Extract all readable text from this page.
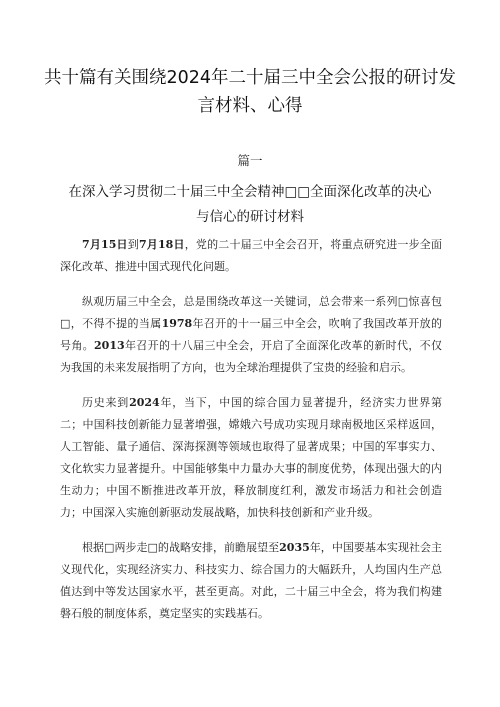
共十篇有关围绕2024年二十届三中全会公报的研讨发言材料、心得
篇一
在深入学习贯彻二十届三中全会精神□□全面深化改革的决心
与信心的研讨材料

7月15日到7月18日，党的二十届三中全会召开，将重点研究进一步全面深化改革、推进中国式现代化问题。

纵观历届三中全会，总是围绕改革这一关键词，总会带来一系列□惊喜包□，不得不提的当属1978年召开的十一届三中全会，吹响了我国改革开放的号角。2013年召开的十八届三中全会，开启了全面深化改革的新时代，不仅为我国的未来发展指明了方向，也为全球治理提供了宝贵的经验和启示。

历史来到2024年，当下，中国的综合国力显著提升，经济实力世界第二；中国科技创新能力显著增强，嫦娥六号成功实现月球南极地区采样返回，人工智能、量子通信、深海探测等领域也取得了显著成果；中国的军事实力、文化软实力显著提升。中国能够集中力量办大事的制度优势，体现出强大的内生动力；中国不断推进改革开放，释放制度红利，激发市场活力和社会创造力；中国深入实施创新驱动发展战略，加快科技创新和产业升级。

根据□两步走□的战略安排，前瞻展望至2035年，中国要基本实现社会主义现代化，实现经济实力、科技实力、综合国力的大幅跃升，人均国内生产总值达到中等发达国家水平，甚至更高。对此，二十届三中全会，将为我们构建磐石般的制度体系，奠定坚实的实践基石。
